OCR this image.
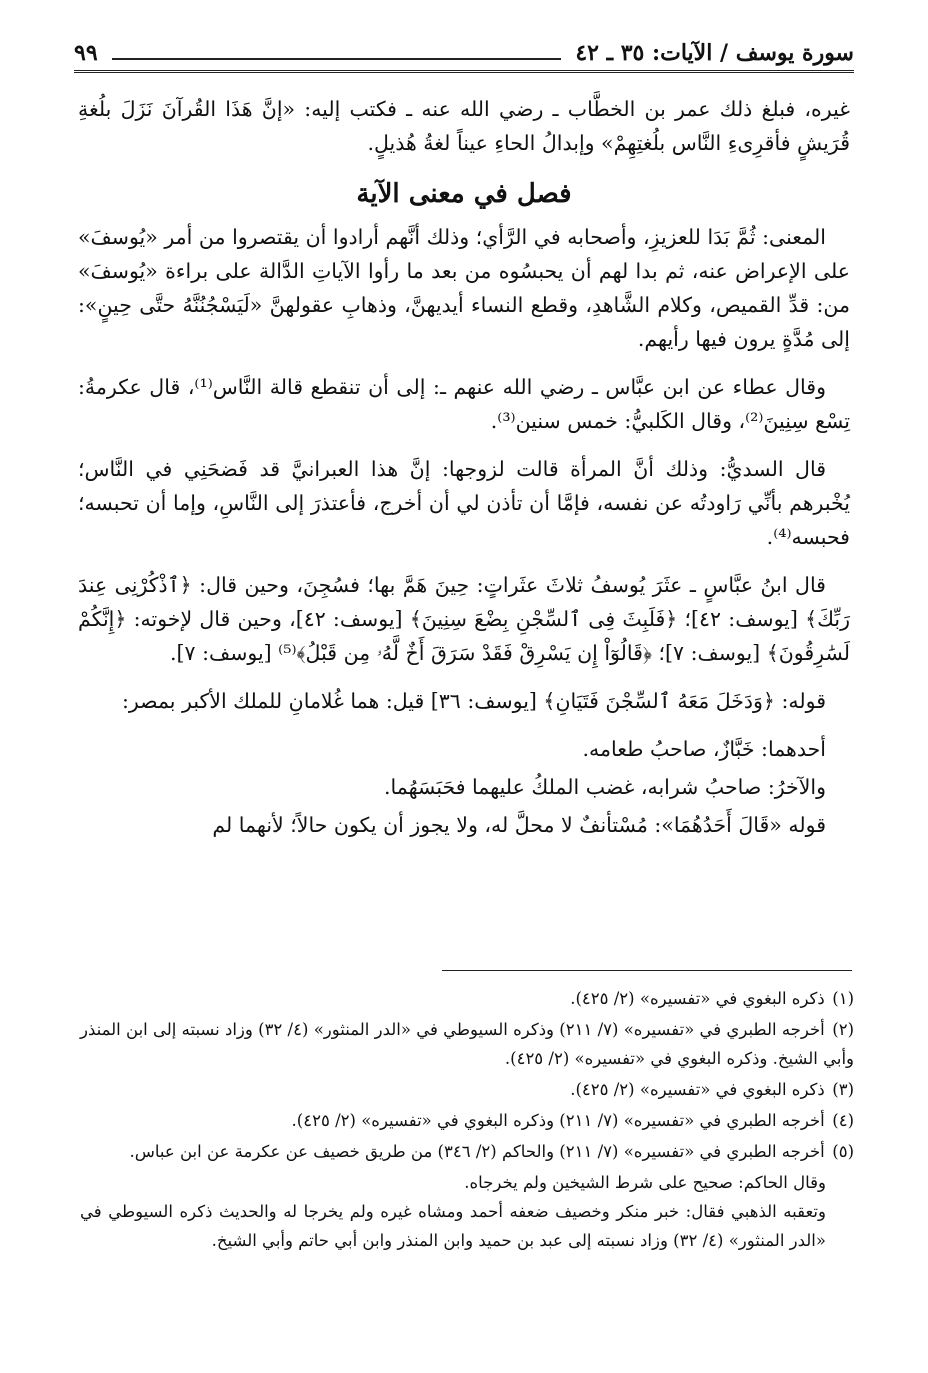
سورة يوسف / الآيات: ٣٥ ـ ٤٢
٩٩

غيره، فبلغ ذلك عمر بن الخطَّاب ـ رضي الله عنه ـ فكتب إليه: «إنَّ هَذَا القُرآنَ نَزَلَ بلُغةِ قُرَيشٍ فأقرِىءِ النَّاس بلُغتِهِمْ» وإبدالُ الحاءِ عيناً لغةُ هُذيلٍ.

فصل في معنى الآية

المعنى: ثُمَّ بَدَا للعزيزِ، وأصحابه في الرَّأي؛ وذلك أنَّهم أرادوا أن يقتصروا من أمر «يُوسفَ» على الإعراض عنه، ثم بدا لهم أن يحبسُوه من بعد ما رأوا الآياتِ الدَّالة على براءة «يُوسفَ» من: قدِّ القميص، وكلام الشَّاهدِ، وقطع النساء أيديهنَّ، وذهابِ عقولهنَّ «لَيَسْجُنُنَّهُ حتَّى حِينٍ»: إلى مُدَّةٍ يرون فيها رأيهم.

وقال عطاء عن ابن عبَّاس ـ رضي الله عنهم ـ: إلى أن تنقطع قالة النَّاس⁽¹⁾، قال عكرمةُ: تِسْع سِنِينَ⁽²⁾، وقال الكَلبيُّ: خمس سنين⁽³⁾.

قال السديُّ: وذلك أنَّ المرأة قالت لزوجها: إنَّ هذا العبرانيَّ قد فَضحَنِي في النَّاس؛ يُخْبرهم بأنِّي رَاودتُه عن نفسه، فإمَّا أن تأذن لي أن أخرج، فأعتذرَ إلى النَّاسِ، وإما أن تحبسه؛ فحبسه⁽⁴⁾.

قال ابنُ عبَّاسٍ ـ عثَرَ يُوسفُ ثلاثَ عثَراتٍ: حِينَ هَمَّ بها؛ فسُجِنَ، وحين قال: ﴿ٱذْكُرْنِى عِندَ رَبِّكَ﴾ [يوسف: ٤٢]؛ ﴿فَلَبِثَ فِى ٱلسِّجْنِ بِضْعَ سِنِينَ﴾ [يوسف: ٤٢]، وحين قال لإخوته: ﴿إِنَّكُمْ لَسَٰرِقُونَ﴾ [يوسف: ٧]؛ ﴿قَالُوٓاْ إِن يَسْرِقْ فَقَدْ سَرَقَ أَخٌ لَّهُۥ مِن قَبْلُ﴾⁽⁵⁾ [يوسف: ٧].

قوله: ﴿وَدَخَلَ مَعَهُ ٱلسِّجْنَ فَتَيَانِ﴾ [يوسف: ٣٦] قيل: هما غُلامانِ للملك الأكبر بمصر:

أحدهما: خَبَّازٌ، صاحبُ طعامه.

والآخرُ: صاحبُ شرابه، غضب الملكُ عليهما فحَبَسَهُما.

قوله «قَالَ أَحَدُهُمَا»: مُسْتأنفٌ لا محلَّ له، ولا يجوز أن يكون حالاً؛ لأنهما لم

(١) ذكره البغوي في «تفسيره» (٢/ ٤٢٥).
(٢) أخرجه الطبري في «تفسيره» (٧/ ٢١١) وذكره السيوطي في «الدر المنثور» (٤/ ٣٢) وزاد نسبته إلى ابن المنذر وأبي الشيخ. وذكره البغوي في «تفسيره» (٢/ ٤٢٥).
(٣) ذكره البغوي في «تفسيره» (٢/ ٤٢٥).
(٤) أخرجه الطبري في «تفسيره» (٧/ ٢١١) وذكره البغوي في «تفسيره» (٢/ ٤٢٥).
(٥) أخرجه الطبري في «تفسيره» (٧/ ٢١١) والحاكم (٢/ ٣٤٦) من طريق خصيف عن عكرمة عن ابن عباس.

وقال الحاكم: صحيح على شرط الشيخين ولم يخرجاه.

وتعقبه الذهبي فقال: خبر منكر وخصيف ضعفه أحمد ومشاه غيره ولم يخرجا له والحديث ذكره السيوطي في «الدر المنثور» (٤/ ٣٢) وزاد نسبته إلى عبد بن حميد وابن المنذر وابن أبي حاتم وأبي الشيخ.
